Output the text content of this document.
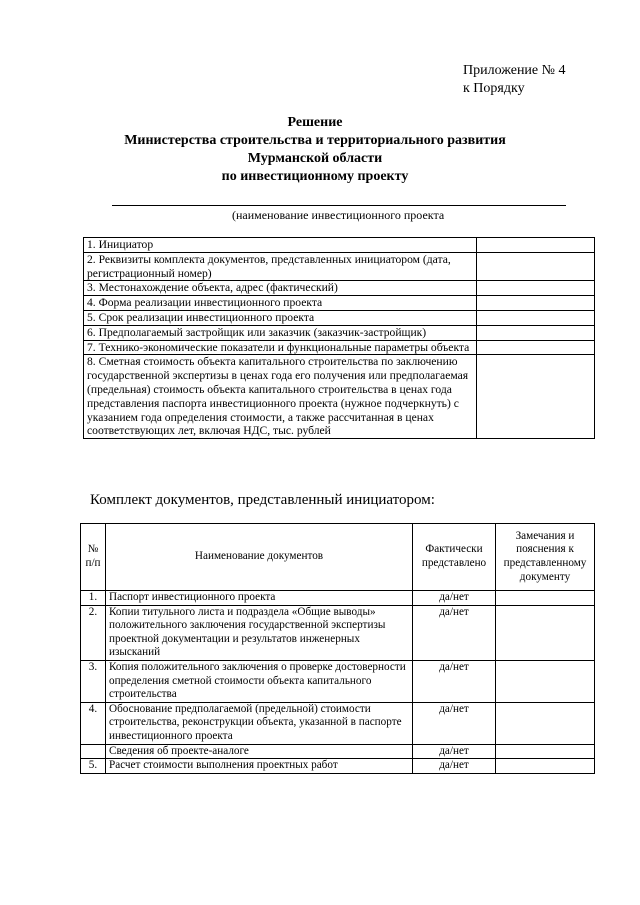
Приложение № 4
к Порядку
Решение
Министерства строительства и территориального развития
Мурманской области
по инвестиционному проекту
(наименование инвестиционного проекта
1. Инициатор	
2. Реквизиты комплекта документов, представленных инициатором (дата, регистрационный номер)	
3. Местонахождение объекта, адрес (фактический)	
4. Форма реализации инвестиционного проекта	
5. Срок реализации инвестиционного проекта	
6. Предполагаемый застройщик или заказчик (заказчик-застройщик)	
7. Технико-экономические показатели и функциональные параметры объекта	
8. Сметная стоимость объекта капитального строительства по заключению государственной экспертизы в ценах года его получения или предполагаемая (предельная) стоимость объекта капитального строительства в ценах года представления паспорта инвестиционного проекта (нужное подчеркнуть) с указанием года определения стоимости, а также рассчитанная в ценах соответствующих лет, включая НДС, тыс. рублей	
Комплект документов, представленный инициатором:
№ п/п	Наименование документов	Фактически представлено	Замечания и пояснения к представленному документу
1.	Паспорт инвестиционного проекта	да/нет	
2.	Копии титульного листа и подраздела «Общие выводы» положительного заключения государственной экспертизы проектной документации и результатов инженерных изысканий	да/нет	
3.	Копия положительного заключения о проверке достоверности определения сметной стоимости объекта капитального строительства	да/нет	
4.	Обоснование предполагаемой (предельной) стоимости строительства, реконструкции объекта, указанной в паспорте инвестиционного проекта	да/нет	
	Сведения об проекте-аналоге	да/нет	
5.	Расчет стоимости выполнения проектных работ	да/нет	
